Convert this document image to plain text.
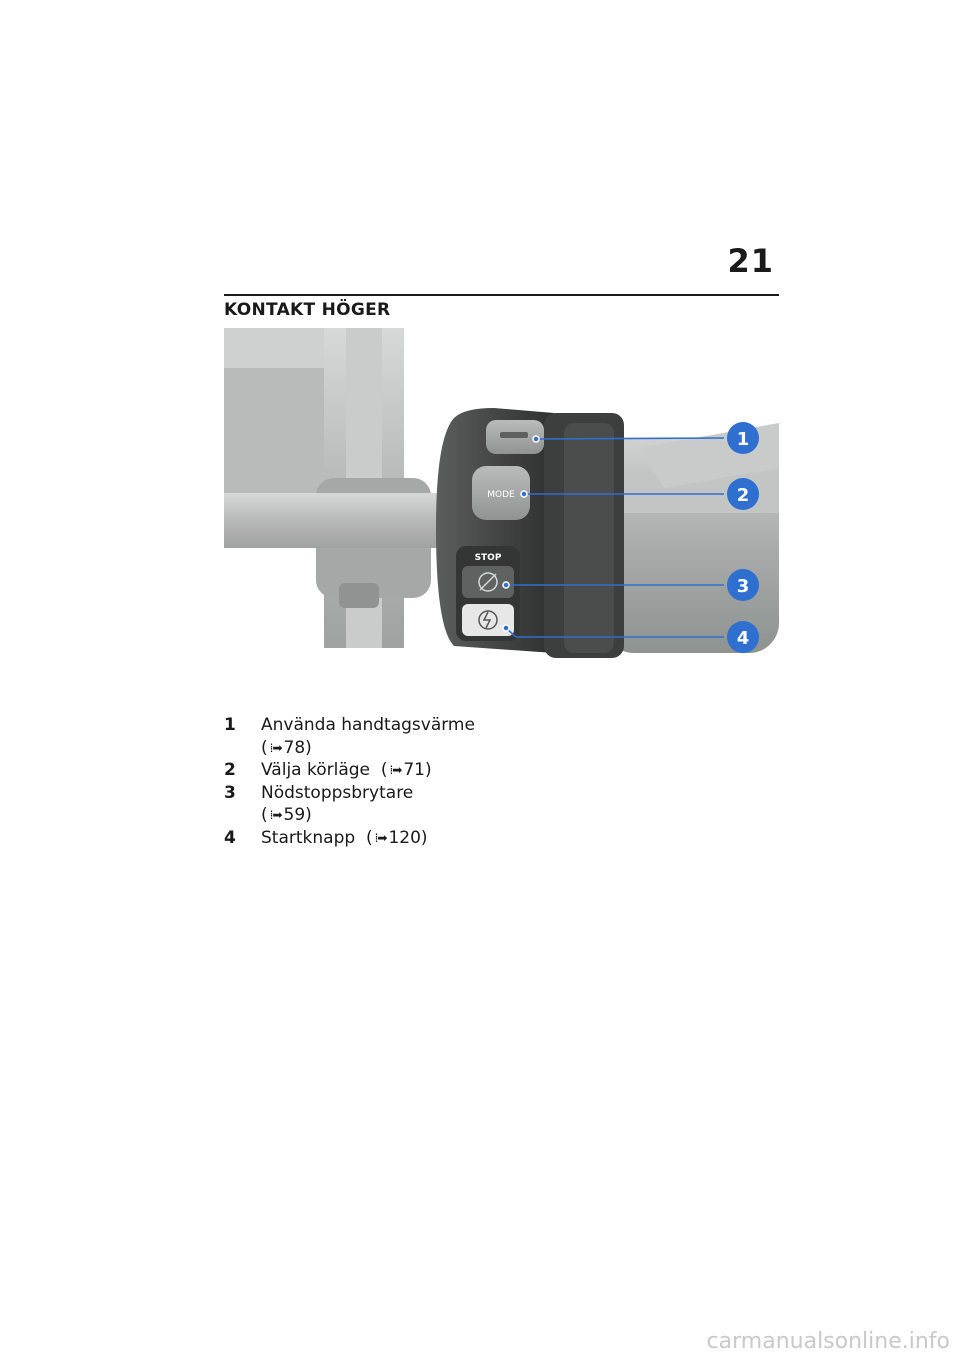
21
KONTAKT HÖGER
MODE
STOP
1
2
3
4
1	Använda handtagsvärme
( ⁞➡ 78)
2	Välja körläge ( ⁞➡ 71)
3	Nödstoppsbrytare
( ⁞➡ 59)
4	Startknapp ( ⁞➡ 120)
carmanualsonline.info
